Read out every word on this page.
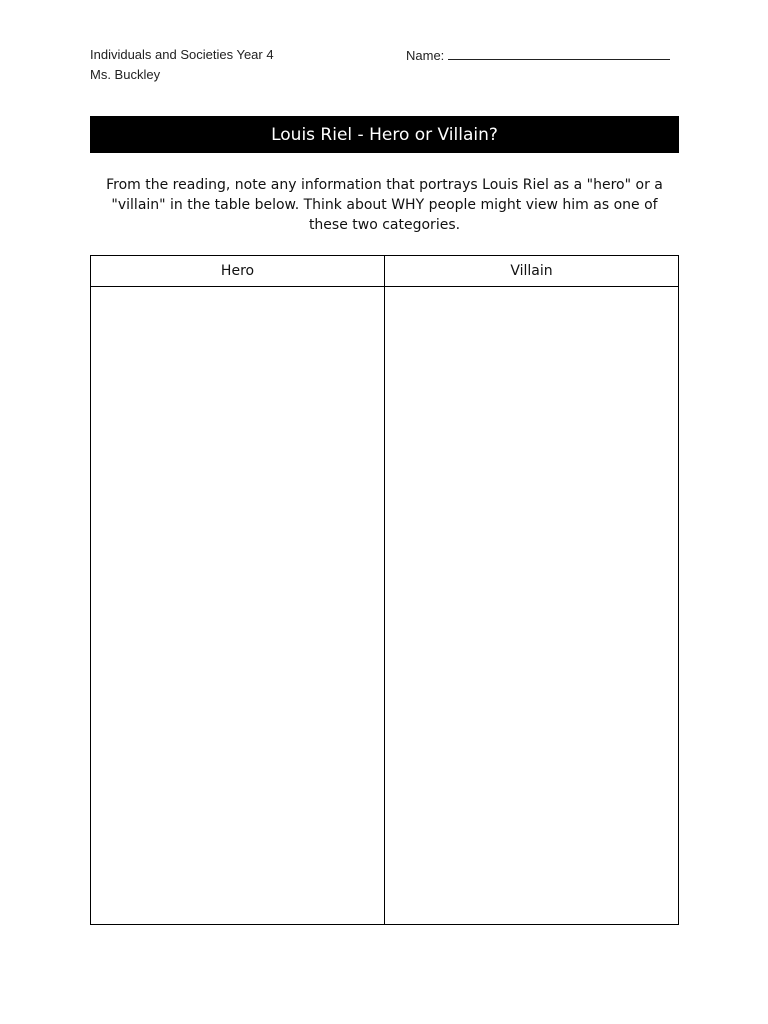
Individuals and Societies Year 4
Ms. Buckley
Name:
Louis Riel - Hero or Villain?
From the reading, note any information that portrays Louis Riel as a "hero" or a "villain" in the table below. Think about WHY people might view him as one of these two categories.
Hero	Villain
